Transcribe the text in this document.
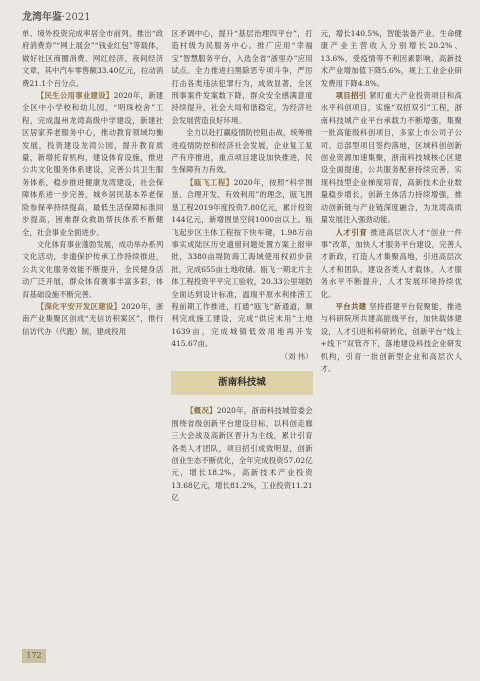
龙湾年鉴·2021

单、境外投资完成率居全市前列。推出“政府消费券”“网上展会”“钱业红包”等载体，做好社区商圈消费、网红经济、夜间经济文章，其中汽车零售额33.40亿元，拉动消费21.1个百分点。

【民生公用事业建设】2020年，新建全区中小学校和幼儿园，“明珠校舍”工程，完成温州龙湾高级中学建设，新建社区居家养老服务中心，推动教育领域均衡发展，投资建设龙湾公园，提升教育质量，新增托育机构，建设体育设施，推进公共文化服务体系建设，完善公共卫生服务体系，稳步推进健康龙湾建设，社会保障体系进一步完善，城乡居民基本养老保险参保率持续提高，最低生活保障标准同步提高，困难群众救助帮扶体系不断健全，社会事业全面进步。

文化体育事业蓬勃发展，成功举办系列文化活动，非遗保护传承工作持续推进，公共文化服务效能不断提升，全民健身活动广泛开展，群众体育赛事丰富多彩，体育基础设施不断完善。

【深化平安开发区建设】2020年，浙南产业集聚区创成“无信访积案区”，推行信访代办（代跑）制，建成投用

区矛调中心，提升“基层治理四平台”，打造村级为民服务中心。推广应用“幸福宝”智慧服务平台，入选全省“浙里办”应用试点。全力推进扫黑除恶专项斗争，严厉打击各类违法犯罪行为，成效显著，全区刑事案件发案数下降，群众安全感满意度持续提升，社会大局和谐稳定，为经济社会发展营造良好环境。

全力以赴打赢疫情防控阻击战，统筹推进疫情防控和经济社会发展，企业复工复产有序推进，重点项目建设加快推进，民生保障有力有效。

【瓯飞工程】2020年，按照“科学围垦、合理开发、有效利用”的理念，瓯飞围垦工程2019年度投资7.80亿元，累计投资144亿元，新增围垦空间1000亩以上。瓯飞起步区主体工程按下快车键，1.98万亩事实成陆区历史遗留问题处置方案上报审批，3380亩堤防海工海域使用权初步获批，完成655亩土地收储。瓯飞一期北片主体工程投资平平完工验收，20.33公里堤防全面达到设计标准，温瑞平原水利排涝工程前期工作推进，打通“瓯飞”新通道，顺利完成施工建设，完成“供应未用”土地1639亩，完成城镇低效用地再开发415.67亩。

（刘 伟）

浙南科技城

【概况】2020年，浙南科技城管委会围绕省级创新平台建设目标，以科创走廊三大会战及高新区晋升为主线，累计引育各类人才团队，项目招引成效明显，创新创业生态不断优化，全年完成投资57.02亿元，增长18.2%，高新技术产业投资13.68亿元，增长81.2%，工业投资11.21亿

元，增长140.5%，智能装备产业、生命健康产业主营收入分别增长20.2%、13.6%，受疫情等不利因素影响，高新技术产业增加值下降5.6%，规上工业企业研发费用下降4.8%。

项目招引 紧盯重大产业投资项目和高水平科创项目，实施“双招双引”工程，浙南科技城产业平台承载力不断增强，集聚一批高能级科创项目，多家上市公司子公司、总部型项目签约落地，区域科创创新创业资源加速集聚，浙南科技城核心区建设全面提速，公共服务配套持续完善，实现科技型企业梯度培育，高新技术企业数量稳步增长，创新主体活力持续增强，推动创新链与产业链深度融合，为龙湾高质量发展注入强劲动能。

人才引育 推进高层次人才“创业一件事”改革，加快人才服务平台建设，完善人才新政，打造人才集聚高地，引进高层次人才和团队，建设各类人才载体，人才服务水平不断提升，人才发展环境持续优化。

平台共建 坚持搭建平台促聚能，推进与科研院所共建高能级平台，加快载体建设，人才引进和科研转化，创新平台“线上+线下”双管齐下，落地建设科技企业研发机构，引育一批创新型企业和高层次人才。

172
